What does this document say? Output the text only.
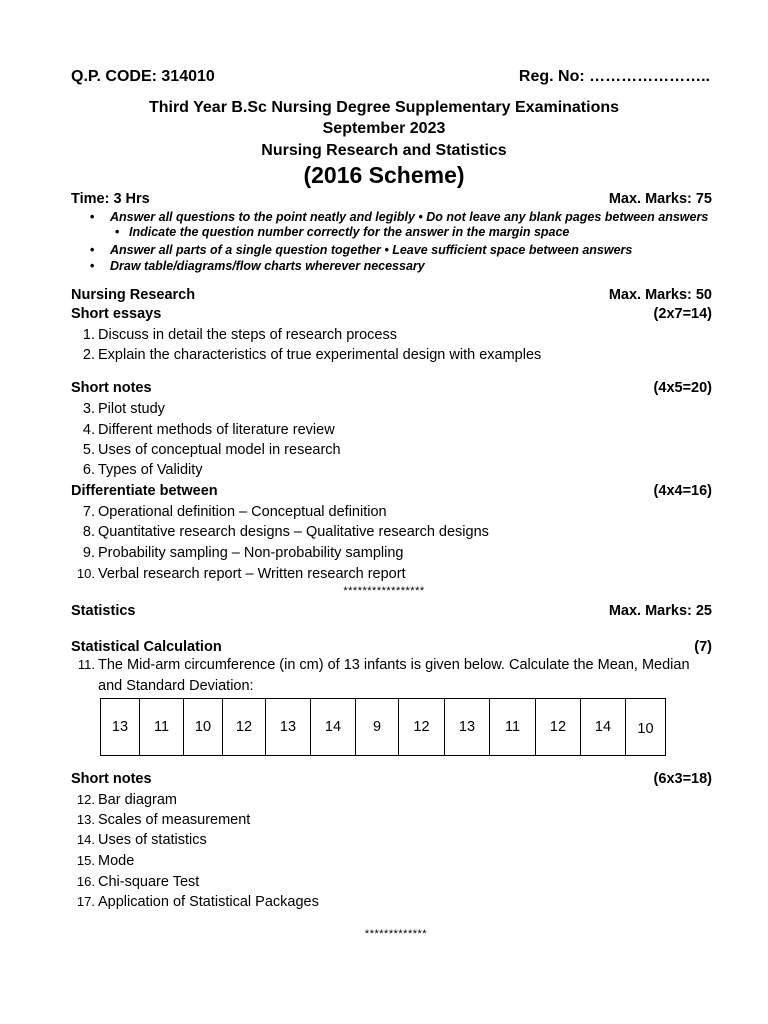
Q.P. CODE: 314010	Reg. No: …………………..
Third Year B.Sc Nursing Degree Supplementary Examinations
September 2023
Nursing Research and Statistics
(2016 Scheme)
Time: 3 Hrs	Max. Marks: 75
• Answer all questions to the point neatly and legibly • Do not leave any blank pages between answers
• Indicate the question number correctly for the answer in the margin space
• Answer all parts of a single question together • Leave sufficient space between answers
• Draw table/diagrams/flow charts wherever necessary
Nursing Research	Max. Marks: 50
Short essays	(2x7=14)
1. Discuss in detail the steps of research process
2. Explain the characteristics of true experimental design with examples
Short notes	(4x5=20)
3. Pilot study
4. Different methods of literature review
5. Uses of conceptual model in research
6. Types of Validity
Differentiate between	(4x4=16)
7. Operational definition – Conceptual definition
8. Quantitative research designs – Qualitative research designs
9. Probability sampling – Non-probability sampling
10. Verbal research report – Written research report
*****************
Statistics	Max. Marks: 25
Statistical Calculation	(7)
11. The Mid-arm circumference (in cm) of 13 infants is given below. Calculate the Mean, Median
and Standard Deviation:
13	11	10	12	13	14	9	12	13	11	12	14	10
Short notes	(6x3=18)
12. Bar diagram
13. Scales of measurement
14. Uses of statistics
15. Mode
16. Chi-square Test
17. Application of Statistical Packages
*************
